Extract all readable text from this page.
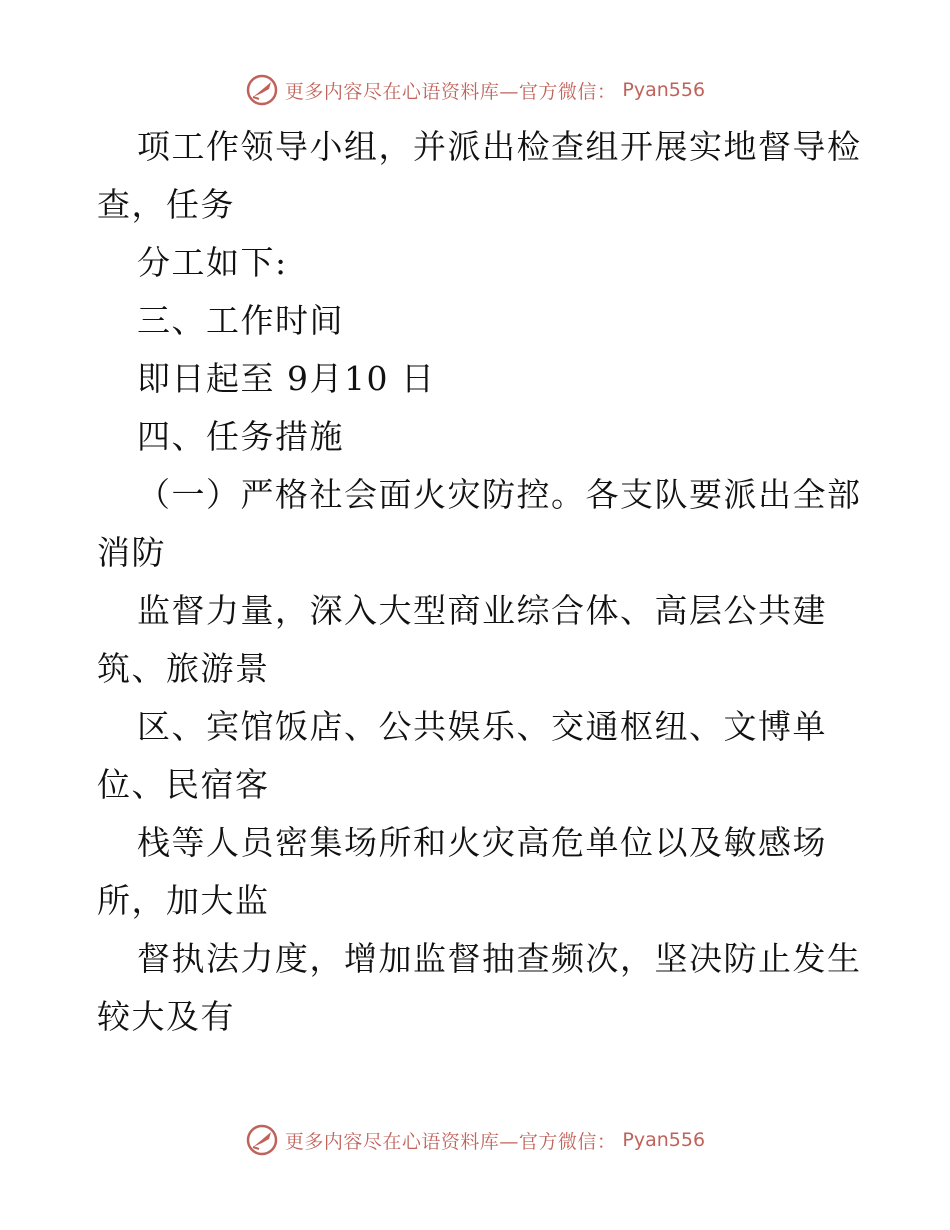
更多内容尽在心语资料库—官方微信： Pyan556
项工作领导小组，并派出检查组开展实地督导检
查，任务
分工如下:
三、工作时间
即日起至 9月10 日
四、任务措施
（一）严格社会面火灾防控。各支队要派出全部
消防
监督力量，深入大型商业综合体、高层公共建
筑、旅游景
区、宾馆饭店、公共娱乐、交通枢纽、文博单
位、民宿客
栈等人员密集场所和火灾高危单位以及敏感场
所，加大监
督执法力度，增加监督抽查频次，坚决防止发生
较大及有
更多内容尽在心语资料库—官方微信： Pyan556
